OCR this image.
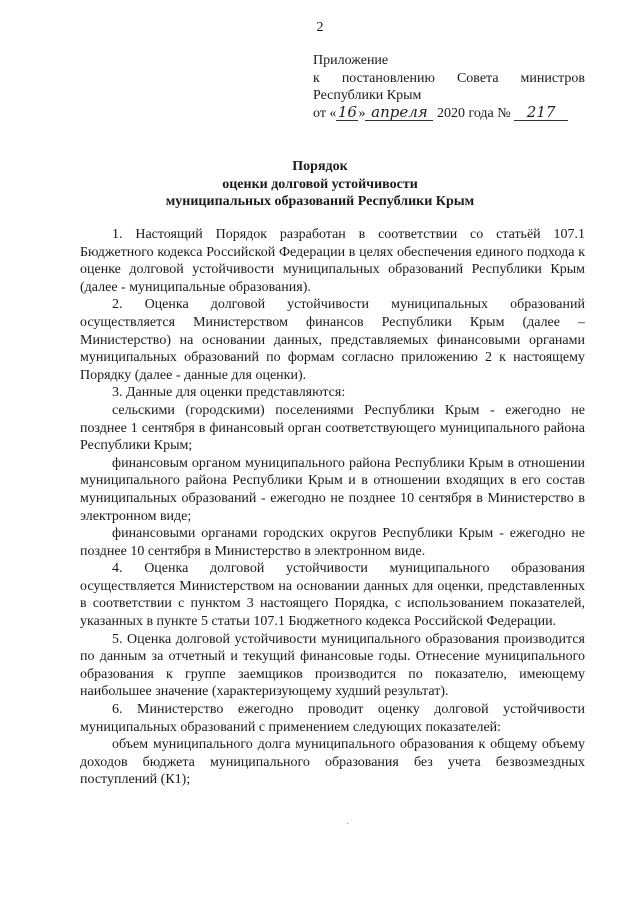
2
Приложение
к постановлению Совета министров
Республики Крым
от «16» апреля 2020 года № 217
Порядок
оценки долговой устойчивости
муниципальных образований Республики Крым

1. Настоящий Порядок разработан в соответствии со статьёй 107.1 Бюджетного кодекса Российской Федерации в целях обеспечения единого подхода к оценке долговой устойчивости муниципальных образований Республики Крым (далее - муниципальные образования).

2. Оценка долговой устойчивости муниципальных образований осуществляется Министерством финансов Республики Крым (далее – Министерство) на основании данных, представляемых финансовыми органами муниципальных образований по формам согласно приложению 2 к настоящему Порядку (далее - данные для оценки).

3. Данные для оценки представляются:

сельскими (городскими) поселениями Республики Крым - ежегодно не позднее 1 сентября в финансовый орган соответствующего муниципального района Республики Крым;

финансовым органом муниципального района Республики Крым в отношении муниципального района Республики Крым и в отношении входящих в его состав муниципальных образований - ежегодно не позднее 10 сентября в Министерство в электронном виде;

финансовыми органами городских округов Республики Крым - ежегодно не позднее 10 сентября в Министерство в электронном виде.

4. Оценка долговой устойчивости муниципального образования осуществляется Министерством на основании данных для оценки, представленных в соответствии с пунктом 3 настоящего Порядка, с использованием показателей, указанных в пункте 5 статьи 107.1 Бюджетного кодекса Российской Федерации.

5. Оценка долговой устойчивости муниципального образования производится по данным за отчетный и текущий финансовые годы. Отнесение муниципального образования к группе заемщиков производится по показателю, имеющему наибольшее значение (характеризующему худший результат).

6. Министерство ежегодно проводит оценку долговой устойчивости муниципальных образований с применением следующих показателей:

объем муниципального долга муниципального образования к общему объему доходов бюджета муниципального образования без учета безвозмездных поступлений (К1);

˙
